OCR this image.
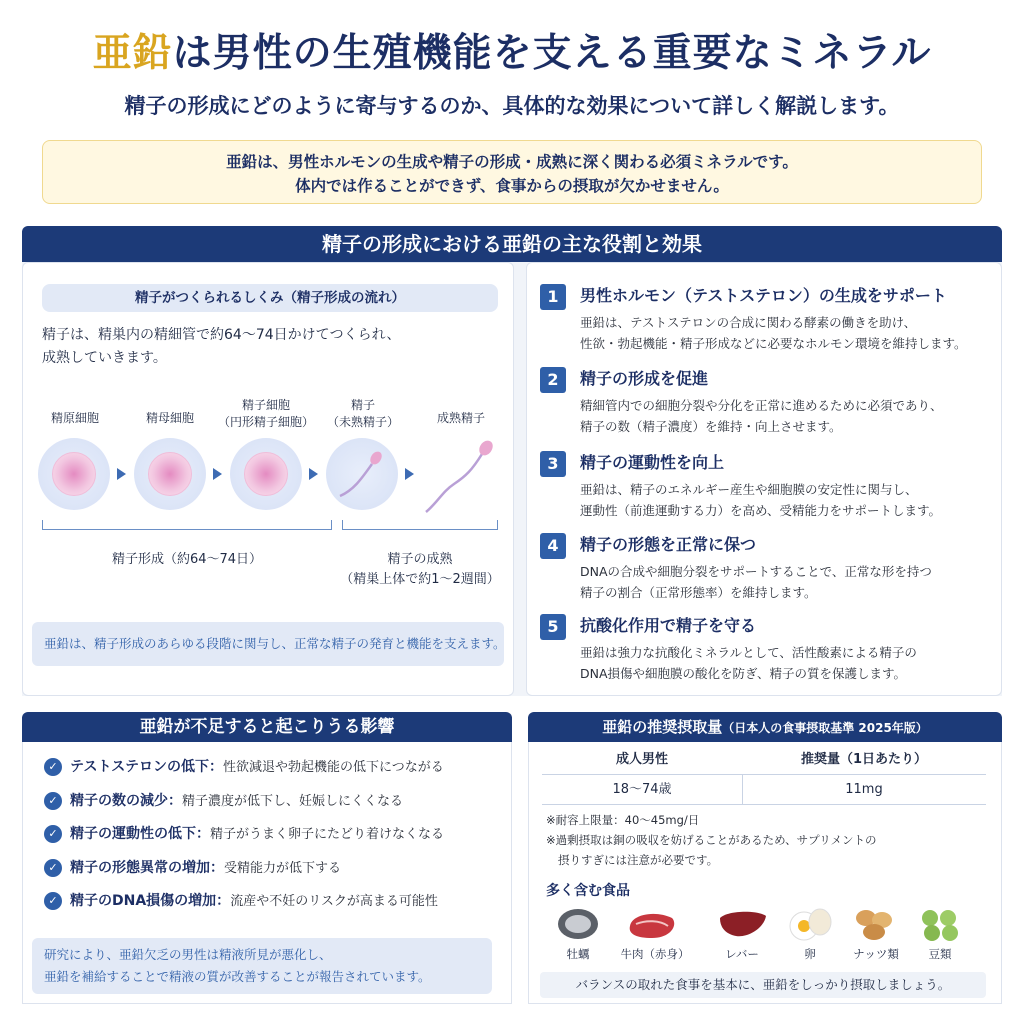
亜鉛は男性の生殖機能を支える重要なミネラル
精子の形成にどのように寄与するのか、具体的な効果について詳しく解説します。
亜鉛は、男性ホルモンの生成や精子の形成・成熟に深く関わる必須ミネラルです。
体内では作ることができず、食事からの摂取が欠かせません。
精子の形成における亜鉛の主な役割と効果
精子がつくられるしくみ（精子形成の流れ）
精子は、精巣内の精細管で約64〜74日かけてつくられ、
成熟していきます。
精原細胞	精母細胞
精子細胞
（円形精子細胞）
精子
（未熟精子）	成熟精子
精子形成（約64〜74日）	精子の成熟
（精巣上体で約1〜2週間）
亜鉛は、精子形成のあらゆる段階に関与し、正常な精子の発育と機能を支えます。
1	男性ホルモン（テストステロン）の生成をサポート
亜鉛は、テストステロンの合成に関わる酵素の働きを助け、
性欲・勃起機能・精子形成などに必要なホルモン環境を維持します。
2	精子の形成を促進
精細管内での細胞分裂や分化を正常に進めるために必須であり、
精子の数（精子濃度）を維持・向上させます。
3	精子の運動性を向上
亜鉛は、精子のエネルギー産生や細胞膜の安定性に関与し、
運動性（前進運動する力）を高め、受精能力をサポートします。
4	精子の形態を正常に保つ
DNAの合成や細胞分裂をサポートすることで、正常な形を持つ
精子の割合（正常形態率）を維持します。
5	抗酸化作用で精子を守る
亜鉛は強力な抗酸化ミネラルとして、活性酸素による精子の
DNA損傷や細胞膜の酸化を防ぎ、精子の質を保護します。
亜鉛が不足すると起こりうる影響
✓ テストステロンの低下：性欲減退や勃起機能の低下につながる
✓ 精子の数の減少：精子濃度が低下し、妊娠しにくくなる
✓ 精子の運動性の低下：精子がうまく卵子にたどり着けなくなる
✓ 精子の形態異常の増加：受精能力が低下する
✓ 精子のDNA損傷の増加：流産や不妊のリスクが高まる可能性
研究により、亜鉛欠乏の男性は精液所見が悪化し、
亜鉛を補給することで精液の質が改善することが報告されています。
亜鉛の推奨摂取量（日本人の食事摂取基準 2025年版）
成人男性	推奨量（1日あたり）
18〜74歳	11mg
※耐容上限量：40〜45mg/日
※過剰摂取は銅の吸収を妨げることがあるため、サプリメントの
摂りすぎには注意が必要です。
多く含む食品
牡蠣	牛肉（赤身）	レバー	卵	ナッツ類	豆類
バランスの取れた食事を基本に、亜鉛をしっかり摂取しましょう。
